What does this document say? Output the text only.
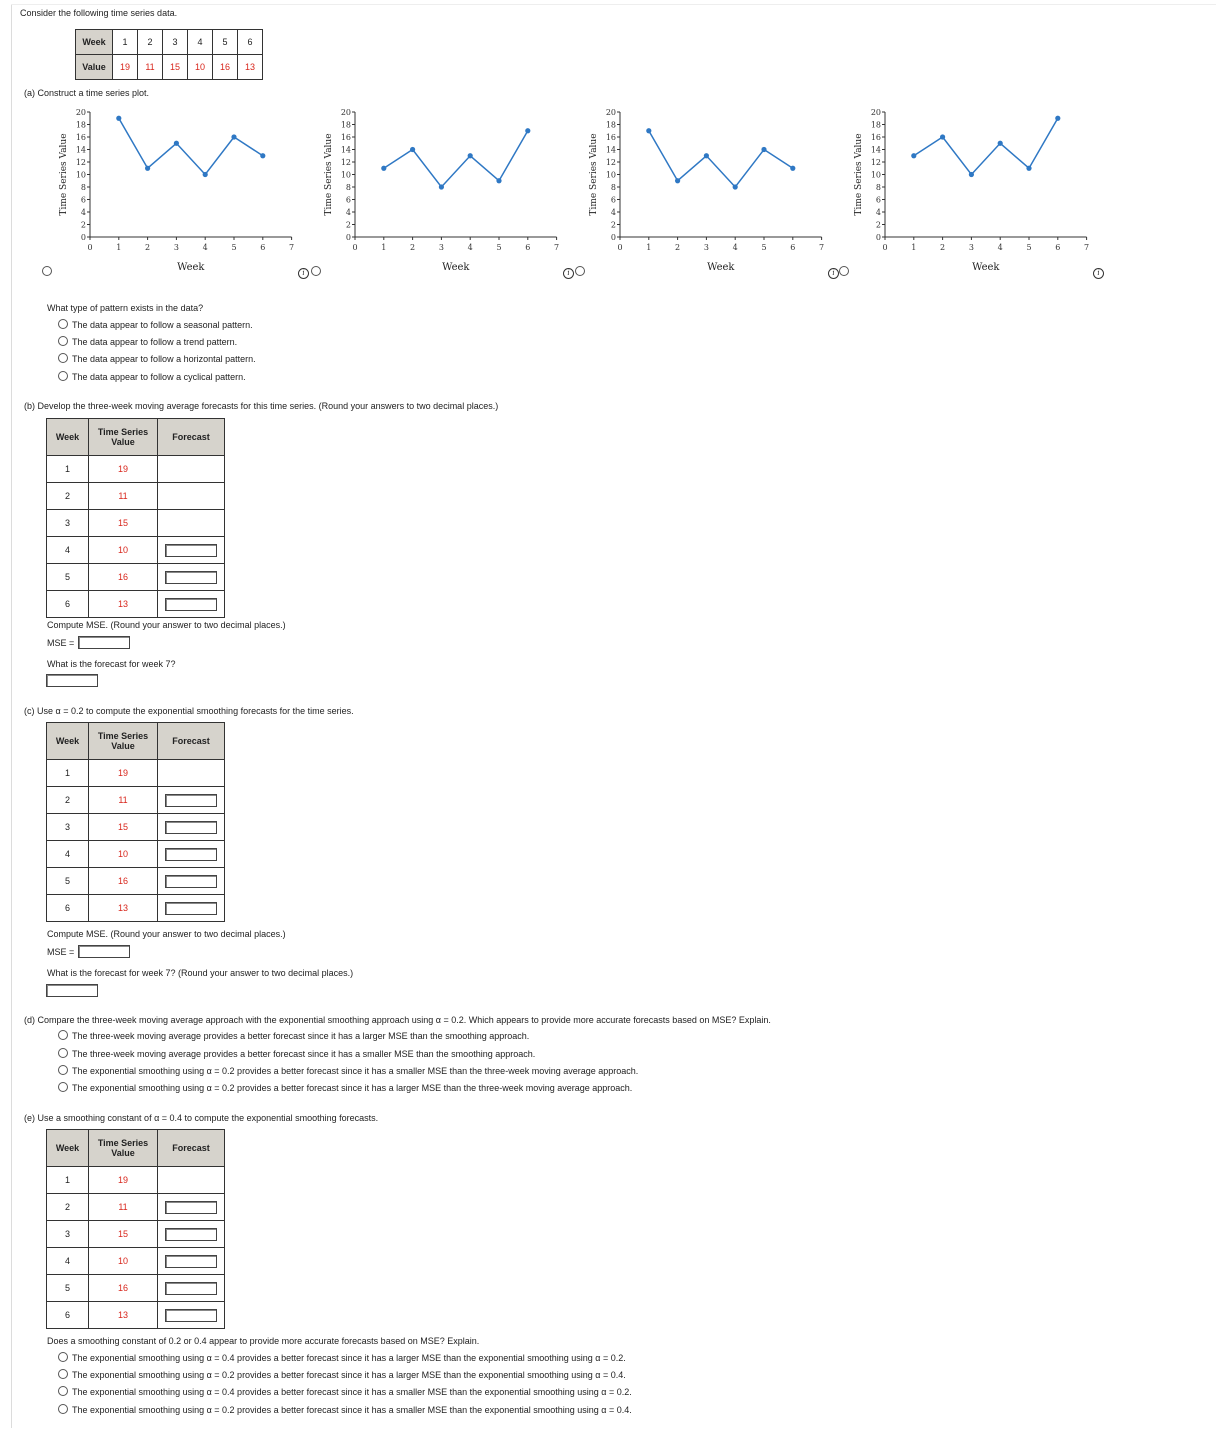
Consider the following time series data.
Week	1	2	3	4	5	6
Value	19	11	15	10	16	13
(a) Construct a time series plot.
0
2
4
6
8
10
12
14
16
18
20
0	1	2	3	4	5	6	7
Week
Time Series Value
0
2
4
6
8
10
12
14
16
18
20
0	1	2	3	4	5	6	7
Week
Time Series Value
0
2
4
6
8
10
12
14
16
18
20
0	1	2	3	4	5	6	7
Week
Time Series Value
0
2
4
6
8
10
12
14
16
18
20
0	1	2	3	4	5	6	7
Week
Time Series Value
i	i	i	i
What type of pattern exists in the data?
The data appear to follow a seasonal pattern.
The data appear to follow a trend pattern.
The data appear to follow a horizontal pattern.
The data appear to follow a cyclical pattern.
(b) Develop the three-week moving average forecasts for this time series. (Round your answers to two decimal places.)
Week	Time Series Value	Forecast
1	19	
2	11	
3	15	
4	10	
5	16	
6	13	
Compute MSE. (Round your answer to two decimal places.)
MSE =
What is the forecast for week 7?
(c) Use α = 0.2 to compute the exponential smoothing forecasts for the time series.
Week	Time Series Value	Forecast
1	19	
2	11	
3	15	
4	10	
5	16	
6	13	
Compute MSE. (Round your answer to two decimal places.)
MSE =
What is the forecast for week 7? (Round your answer to two decimal places.)
(d) Compare the three-week moving average approach with the exponential smoothing approach using α = 0.2. Which appears to provide more accurate forecasts based on MSE? Explain.
The three-week moving average provides a better forecast since it has a larger MSE than the smoothing approach.
The three-week moving average provides a better forecast since it has a smaller MSE than the smoothing approach.
The exponential smoothing using α = 0.2 provides a better forecast since it has a smaller MSE than the three-week moving average approach.
The exponential smoothing using α = 0.2 provides a better forecast since it has a larger MSE than the three-week moving average approach.
(e) Use a smoothing constant of α = 0.4 to compute the exponential smoothing forecasts.
Week	Time Series Value	Forecast
1	19	
2	11	
3	15	
4	10	
5	16	
6	13	
Does a smoothing constant of 0.2 or 0.4 appear to provide more accurate forecasts based on MSE? Explain.
The exponential smoothing using α = 0.4 provides a better forecast since it has a larger MSE than the exponential smoothing using α = 0.2.
The exponential smoothing using α = 0.2 provides a better forecast since it has a larger MSE than the exponential smoothing using α = 0.4.
The exponential smoothing using α = 0.4 provides a better forecast since it has a smaller MSE than the exponential smoothing using α = 0.2.
The exponential smoothing using α = 0.2 provides a better forecast since it has a smaller MSE than the exponential smoothing using α = 0.4.
